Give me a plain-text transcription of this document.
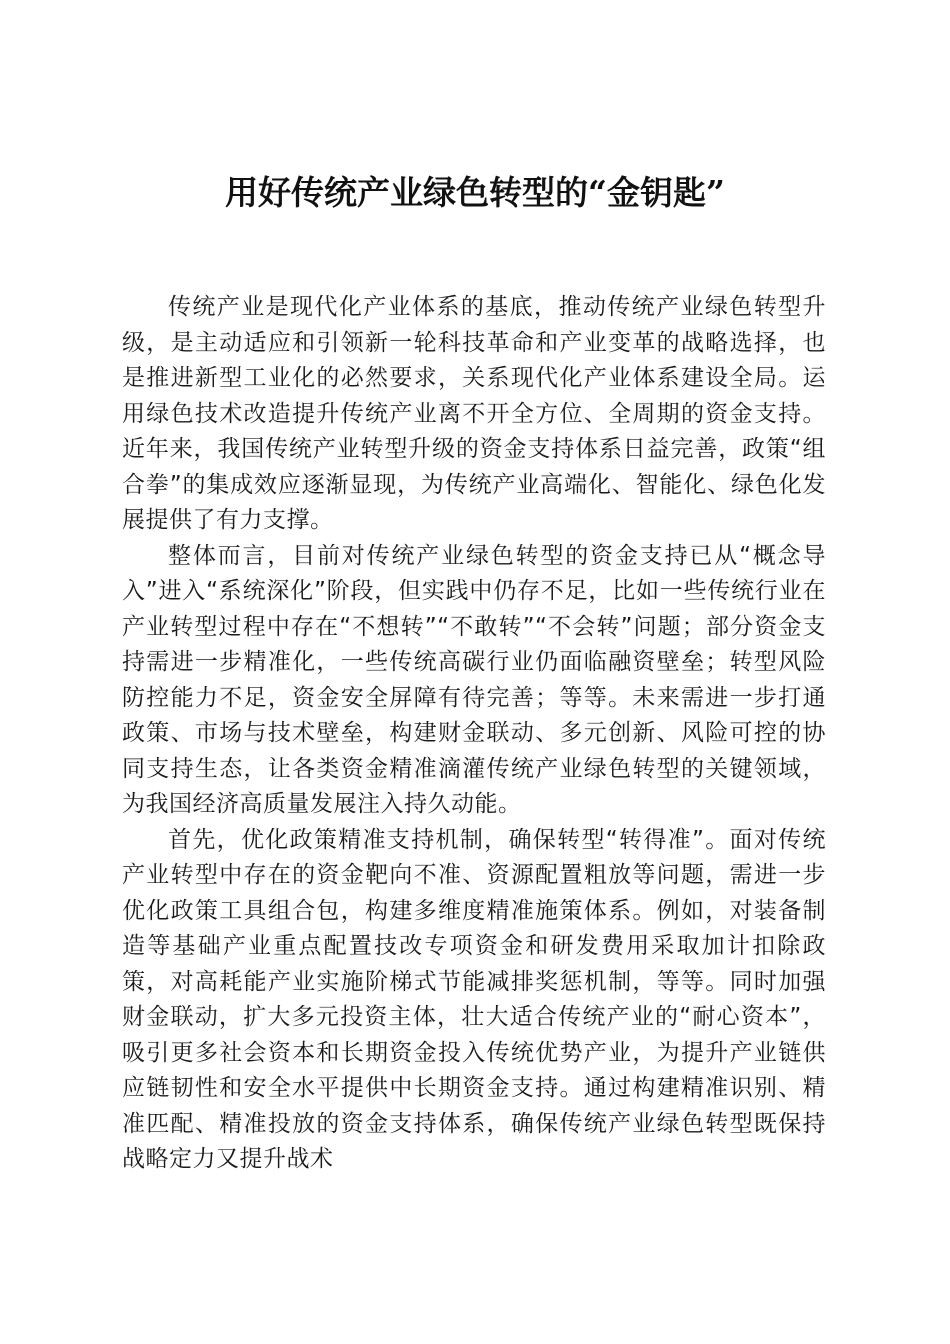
用好传统产业绿色转型的“金钥匙”

传统产业是现代化产业体系的基底，推动传统产业绿色转型升级，是主动适应和引领新一轮科技革命和产业变革的战略选择，也是推进新型工业化的必然要求，关系现代化产业体系建设全局。运用绿色技术改造提升传统产业离不开全方位、全周期的资金支持。近年来，我国传统产业转型升级的资金支持体系日益完善，政策“组合拳”的集成效应逐渐显现，为传统产业高端化、智能化、绿色化发展提供了有力支撑。

整体而言，目前对传统产业绿色转型的资金支持已从“概念导入”进入“系统深化”阶段，但实践中仍存不足，比如一些传统行业在产业转型过程中存在“不想转”“不敢转”“不会转”问题；部分资金支持需进一步精准化，一些传统高碳行业仍面临融资壁垒；转型风险防控能力不足，资金安全屏障有待完善；等等。未来需进一步打通政策、市场与技术壁垒，构建财金联动、多元创新、风险可控的协同支持生态，让各类资金精准滴灌传统产业绿色转型的关键领域，为我国经济高质量发展注入持久动能。

首先，优化政策精准支持机制，确保转型“转得准”。面对传统产业转型中存在的资金靶向不准、资源配置粗放等问题，需进一步优化政策工具组合包，构建多维度精准施策体系。例如，对装备制造等基础产业重点配置技改专项资金和研发费用采取加计扣除政策，对高耗能产业实施阶梯式节能减排奖惩机制，等等。同时加强财金联动，扩大多元投资主体，壮大适合传统产业的“耐心资本”，吸引更多社会资本和长期资金投入传统优势产业，为提升产业链供应链韧性和安全水平提供中长期资金支持。通过构建精准识别、精准匹配、精准投放的资金支持体系，确保传统产业绿色转型既保持战略定力又提升战术
